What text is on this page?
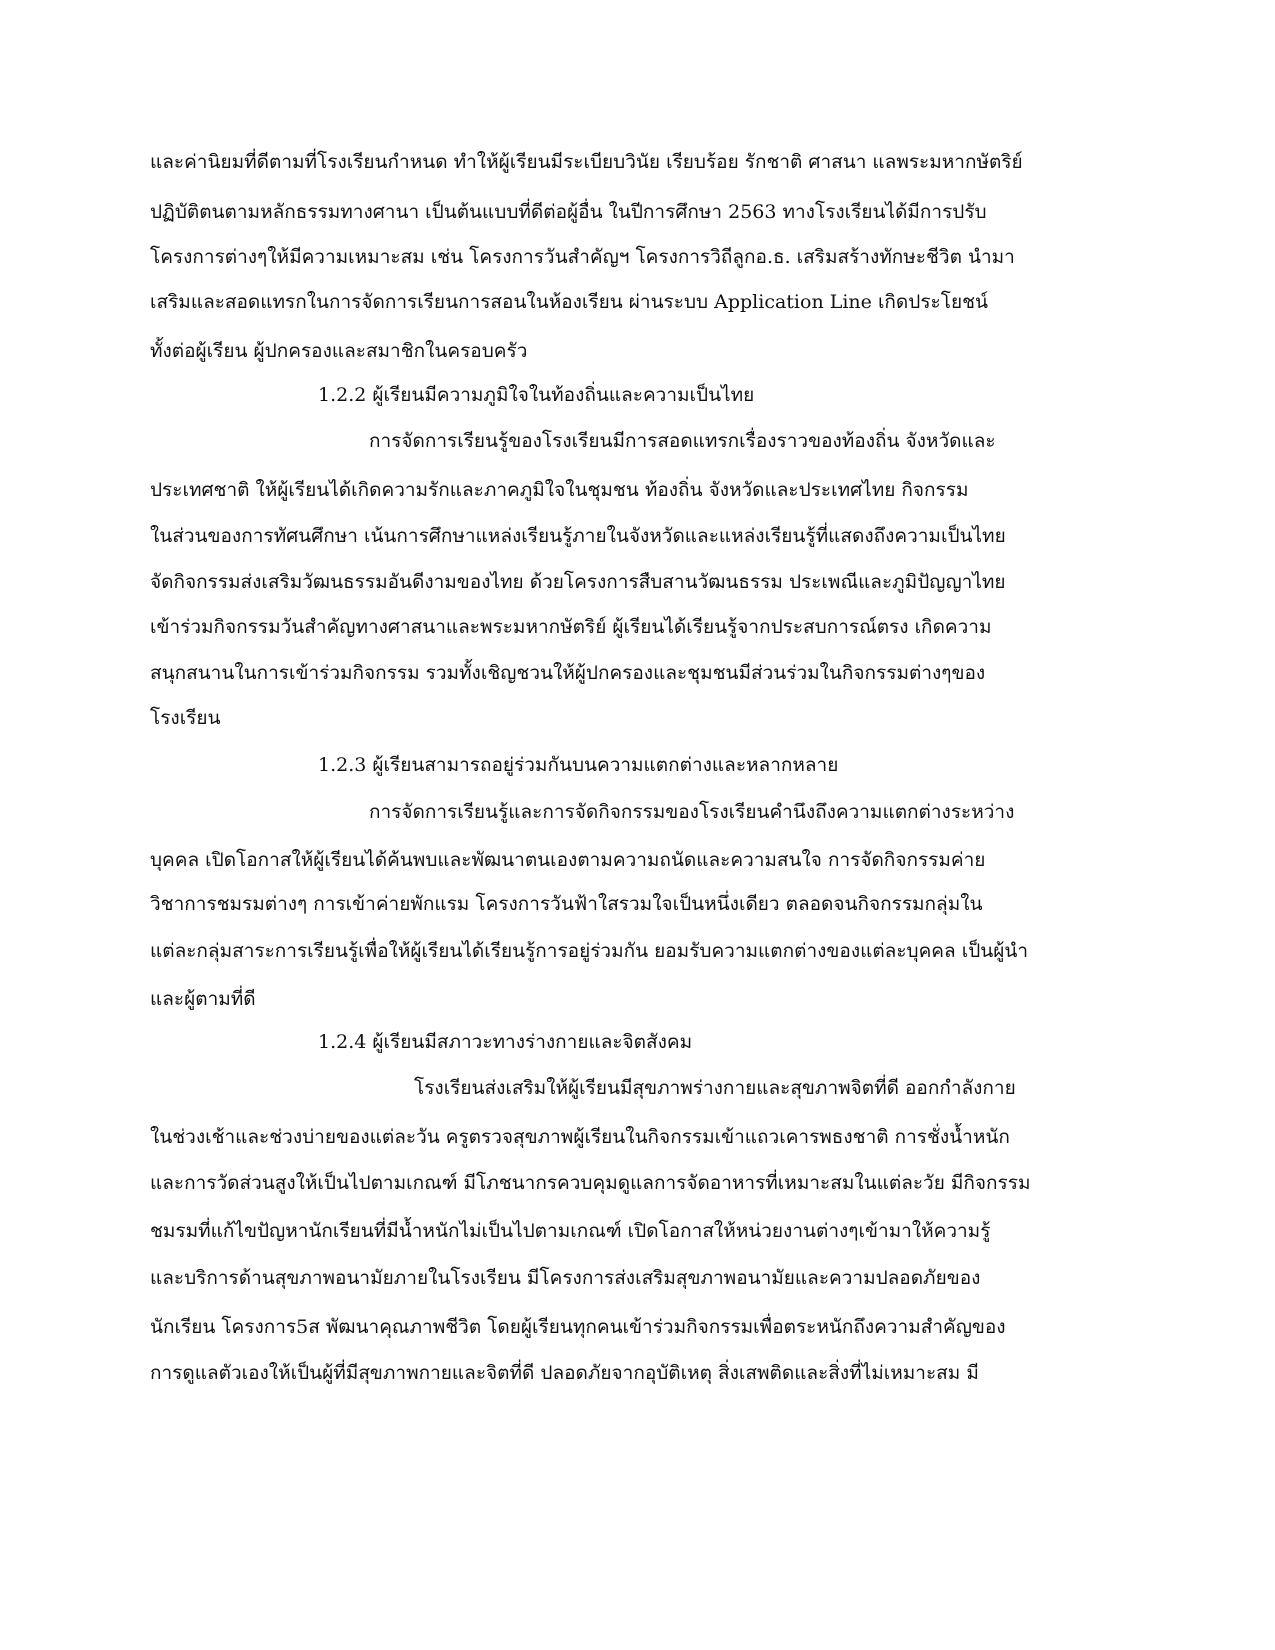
และค่านิยมที่ดีตามที่โรงเรียนกำหนด ทำให้ผู้เรียนมีระเบียบวินัย เรียบร้อย รักชาติ ศาสนา แลพระมหากษัตริย์
ปฏิบัติตนตามหลักธรรมทางศานา เป็นต้นแบบที่ดีต่อผู้อื่น ในปีการศึกษา 2563 ทางโรงเรียนได้มีการปรับ
โครงการต่างๆให้มีความเหมาะสม เช่น โครงการวันสำคัญฯ โครงการวิถีลูกอ.ธ. เสริมสร้างทักษะชีวิต นำมา
เสริมและสอดแทรกในการจัดการเรียนการสอนในห้องเรียน ผ่านระบบ Application Line เกิดประโยชน์
ทั้งต่อผู้เรียน ผู้ปกครองและสมาชิกในครอบครัว
1.2.2 ผู้เรียนมีความภูมิใจในท้องถิ่นและความเป็นไทย
การจัดการเรียนรู้ของโรงเรียนมีการสอดแทรกเรื่องราวของท้องถิ่น จังหวัดและ
ประเทศชาติ ให้ผู้เรียนได้เกิดความรักและภาคภูมิใจในชุมชน ท้องถิ่น จังหวัดและประเทศไทย กิจกรรม
ในส่วนของการทัศนศึกษา เน้นการศึกษาแหล่งเรียนรู้ภายในจังหวัดและแหล่งเรียนรู้ที่แสดงถึงความเป็นไทย
จัดกิจกรรมส่งเสริมวัฒนธรรมอันดีงามของไทย ด้วยโครงการสืบสานวัฒนธรรม ประเพณีและภูมิปัญญาไทย
เข้าร่วมกิจกรรมวันสำคัญทางศาสนาและพระมหากษัตริย์ ผู้เรียนได้เรียนรู้จากประสบการณ์ตรง เกิดความ
สนุกสนานในการเข้าร่วมกิจกรรม รวมทั้งเชิญชวนให้ผู้ปกครองและชุมชนมีส่วนร่วมในกิจกรรมต่างๆของ
โรงเรียน
1.2.3 ผู้เรียนสามารถอยู่ร่วมกันบนความแตกต่างและหลากหลาย
การจัดการเรียนรู้และการจัดกิจกรรมของโรงเรียนคำนึงถึงความแตกต่างระหว่าง
บุคคล เปิดโอกาสให้ผู้เรียนได้ค้นพบและพัฒนาตนเองตามความถนัดและความสนใจ การจัดกิจกรรมค่าย
วิชาการชมรมต่างๆ การเข้าค่ายพักแรม โครงการวันฟ้าใสรวมใจเป็นหนึ่งเดียว ตลอดจนกิจกรรมกลุ่มใน
แต่ละกลุ่มสาระการเรียนรู้เพื่อให้ผู้เรียนได้เรียนรู้การอยู่ร่วมกัน ยอมรับความแตกต่างของแต่ละบุคคล เป็นผู้นำ
และผู้ตามที่ดี
1.2.4 ผู้เรียนมีสภาวะทางร่างกายและจิตสังคม
โรงเรียนส่งเสริมให้ผู้เรียนมีสุขภาพร่างกายและสุขภาพจิตที่ดี ออกกำลังกาย
ในช่วงเช้าและช่วงบ่ายของแต่ละวัน ครูตรวจสุขภาพผู้เรียนในกิจกรรมเข้าแถวเคารพธงชาติ การชั่งน้ำหนัก
และการวัดส่วนสูงให้เป็นไปตามเกณฑ์ มีโภชนากรควบคุมดูแลการจัดอาหารที่เหมาะสมในแต่ละวัย มีกิจกรรม
ชมรมที่แก้ไขปัญหานักเรียนที่มีน้ำหนักไม่เป็นไปตามเกณฑ์ เปิดโอกาสให้หน่วยงานต่างๆเข้ามาให้ความรู้
และบริการด้านสุขภาพอนามัยภายในโรงเรียน มีโครงการส่งเสริมสุขภาพอนามัยและความปลอดภัยของ
นักเรียน โครงการ5ส พัฒนาคุณภาพชีวิต โดยผู้เรียนทุกคนเข้าร่วมกิจกรรมเพื่อตระหนักถึงความสำคัญของ
การดูแลตัวเองให้เป็นผู้ที่มีสุขภาพกายและจิตที่ดี ปลอดภัยจากอุบัติเหตุ สิ่งเสพติดและสิ่งที่ไม่เหมาะสม มี
